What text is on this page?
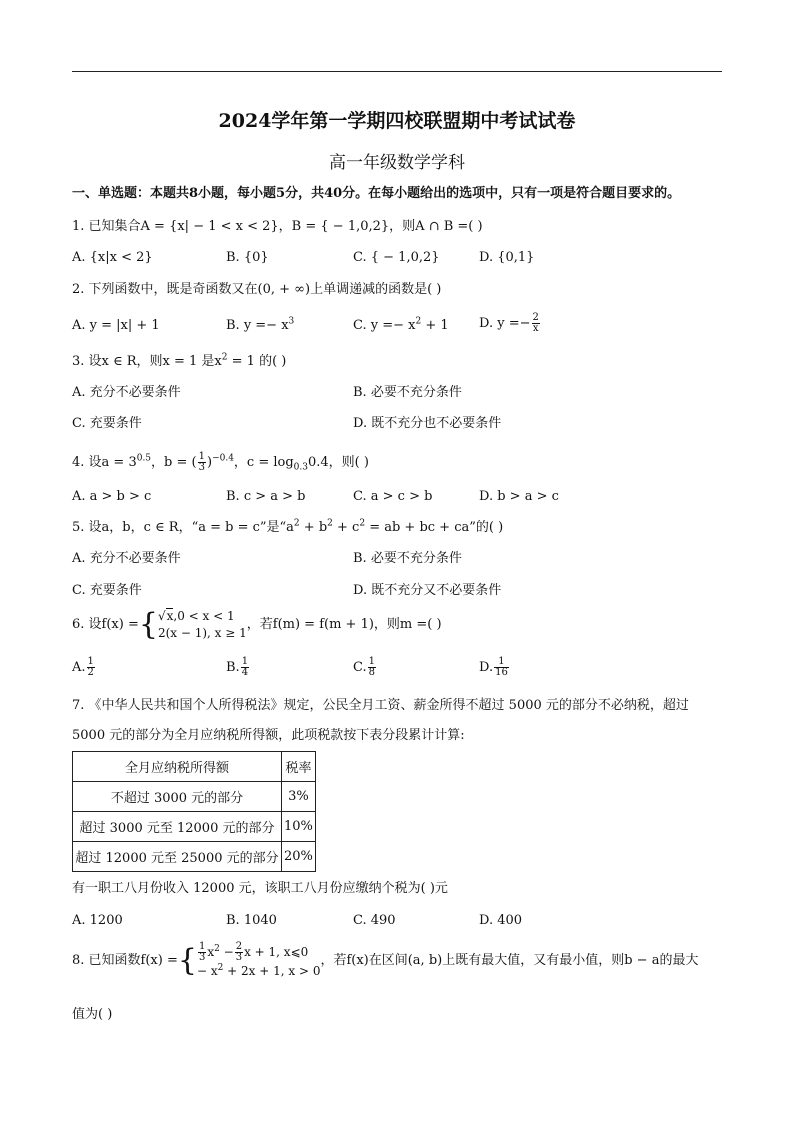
2024学年第一学期四校联盟期中考试试卷
高一年级数学学科
一、单选题：本题共8小题，每小题5分，共40分。在每小题给出的选项中，只有一项是符合题目要求的。
1. 已知集合A = {x| − 1 < x < 2}，B = { − 1,0,2}，则A ∩ B =( )
A. {x|x < 2}	B. {0}	C. { − 1,0,2}	D. {0,1}
2. 下列函数中，既是奇函数又在(0, + ∞)上单调递减的函数是( )
A. y = |x| + 1	B. $y =- x^3$	C. $y =- x^2 + 1$ D. $y =- \frac{2}{x}$
3. 设x ∈ R，则x = 1 是$x^2 = 1$ 的( )
A. 充分不必要条件	B. 必要不充分条件
C. 充要条件	D. 既不充分也不必要条件
4. 设$a = 3^{0.5}$，b = ( $\frac{1}{3} )^{-0.4}$，$c = \log_{0.3}0.4$，则( )
A. a > b > c	B. c > a > b	C. a > c > b	D. b > a > c
5. 设a，b，c ∈ R，“a = b = c”是“$a^2 + b^2 + c^2$ = ab + bc + ca”的( )
A. 充分不必要条件	B. 必要不充分条件
C. 充要条件	D. 既不充分又不必要条件
6. 设f(x) ={ √x,0 < x < 1
2(x − 1), x ≥ 1
，若f(m) = f(m + 1)，则m =( )
A. $\frac{1}{2}$	B. $\frac{1}{4}$	C. $\frac{1}{8}$	D. $\frac{1}{16}$
7. 《中华人民共和国个人所得税法》规定，公民全月工资、薪金所得不超过 5000 元的部分不必纳税，超过
5000 元的部分为全月应纳税所得额，此项税款按下表分段累计计算:
全月应纳税所得额	税率
不超过 3000 元的部分	3%
超过 3000 元至 12000 元的部分	10%
超过 12000 元至 25000 元的部分	20%
有一职工八月份收入 12000 元，该职工八月份应缴纳个税为( )元
A. 1200	B. 1040	C. 490	D. 400
8. 已知函数f(x) ={ $\frac{1}{3} x^2 - \frac{2}{3}$ x + 1, x⩽0
− $x^2 + 2x + 1$, x > 0
，若f(x)在区间(a, b)上既有最大值，又有最小值，则b − a的最大
值为( )
